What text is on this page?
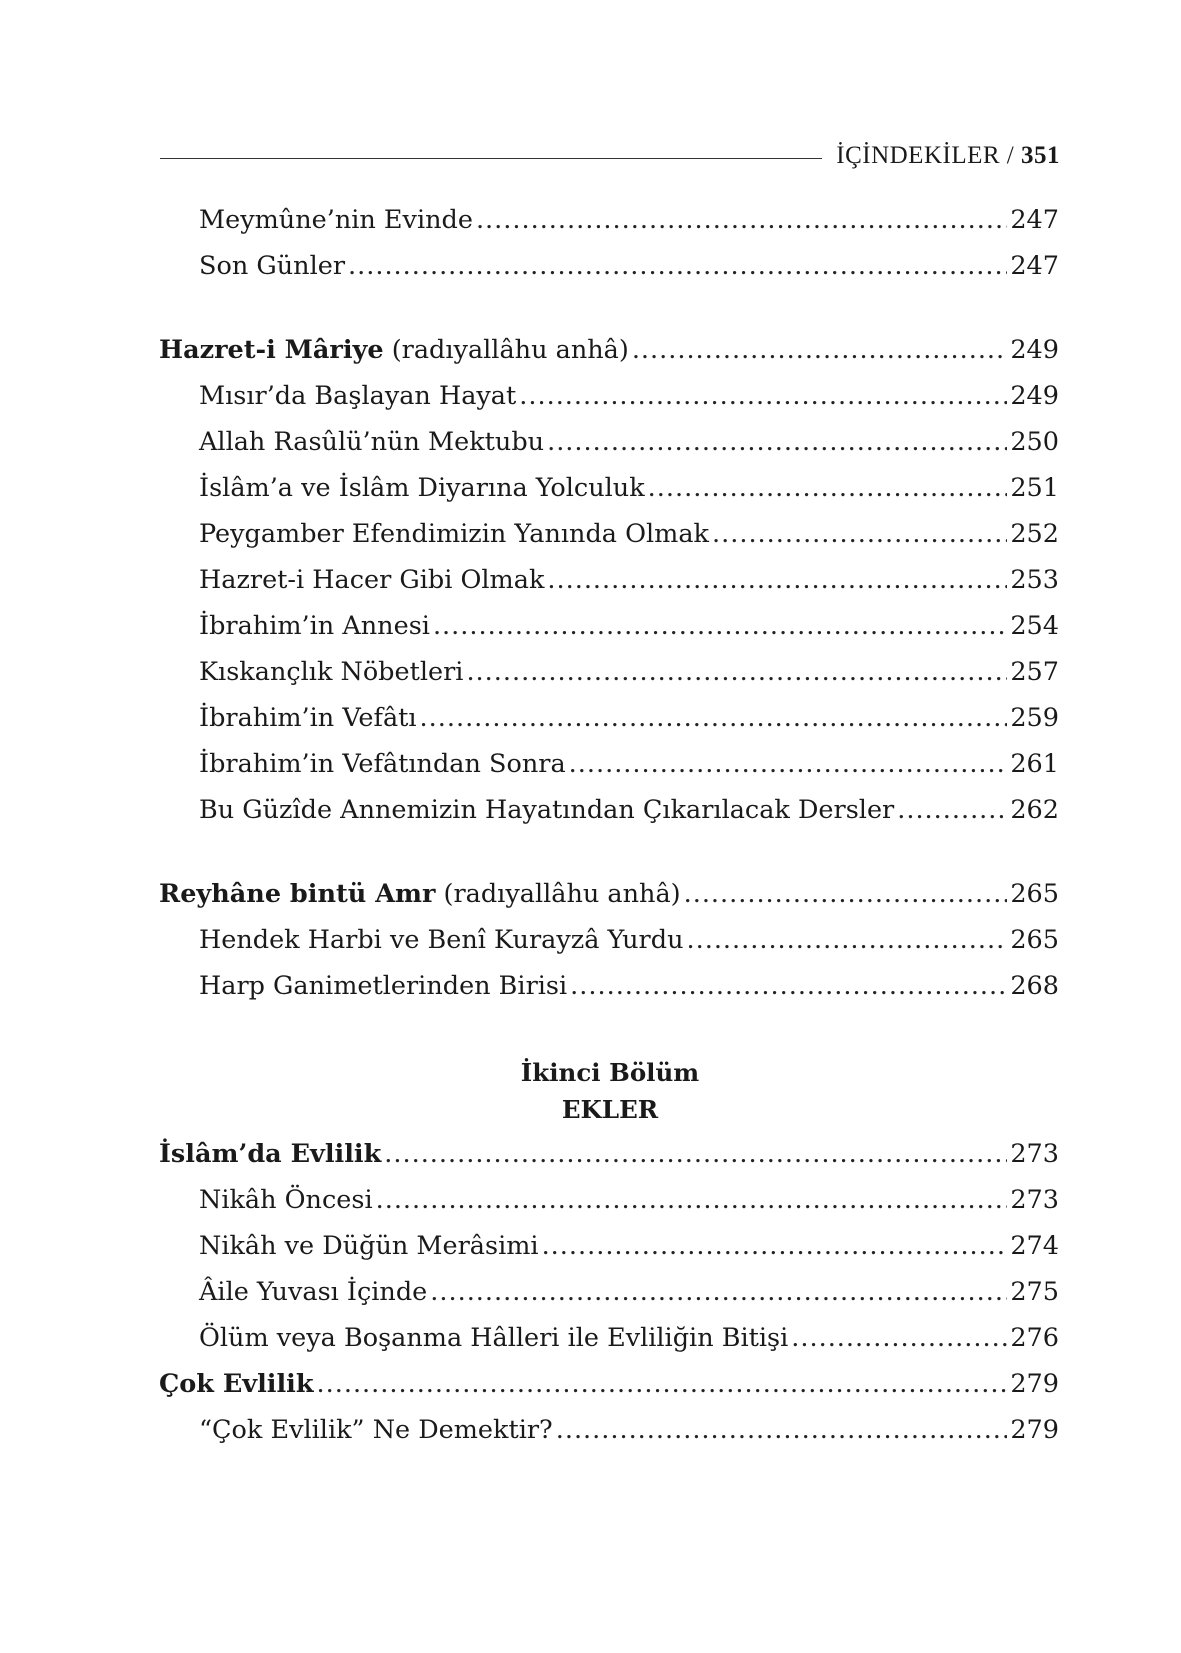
İÇİNDEKİLER / 351
Meymûne’nin Evinde .....	247
Son Günler .....	247
Hazret-i Mâriye (radıyallâhu anhâ) .....	249
Mısır’da Başlayan Hayat .....	249
Allah Rasûlü’nün Mektubu .....	250
İslâm’a ve İslâm Diyarına Yolculuk .....	251
Peygamber Efendimizin Yanında Olmak .....	252
Hazret-i Hacer Gibi Olmak .....	253
İbrahim’in Annesi .....	254
Kıskançlık Nöbetleri .....	257
İbrahim’in Vefâtı .....	259
İbrahim’in Vefâtından Sonra .....	261
Bu Güzîde Annemizin Hayatından Çıkarılacak Dersler .....	262
Reyhâne bintü Amr (radıyallâhu anhâ) .....	265
Hendek Harbi ve Benî Kurayzâ Yurdu .....	265
Harp Ganimetlerinden Birisi .....	268
İkinci Bölüm
EKLER
İslâm’da Evlilik .....	273
Nikâh Öncesi .....	273
Nikâh ve Düğün Merâsimi .....	274
Âile Yuvası İçinde .....	275
Ölüm veya Boşanma Hâlleri ile Evliliğin Bitişi .....	276
Çok Evlilik .....	279
“Çok Evlilik” Ne Demektir? .....	279
